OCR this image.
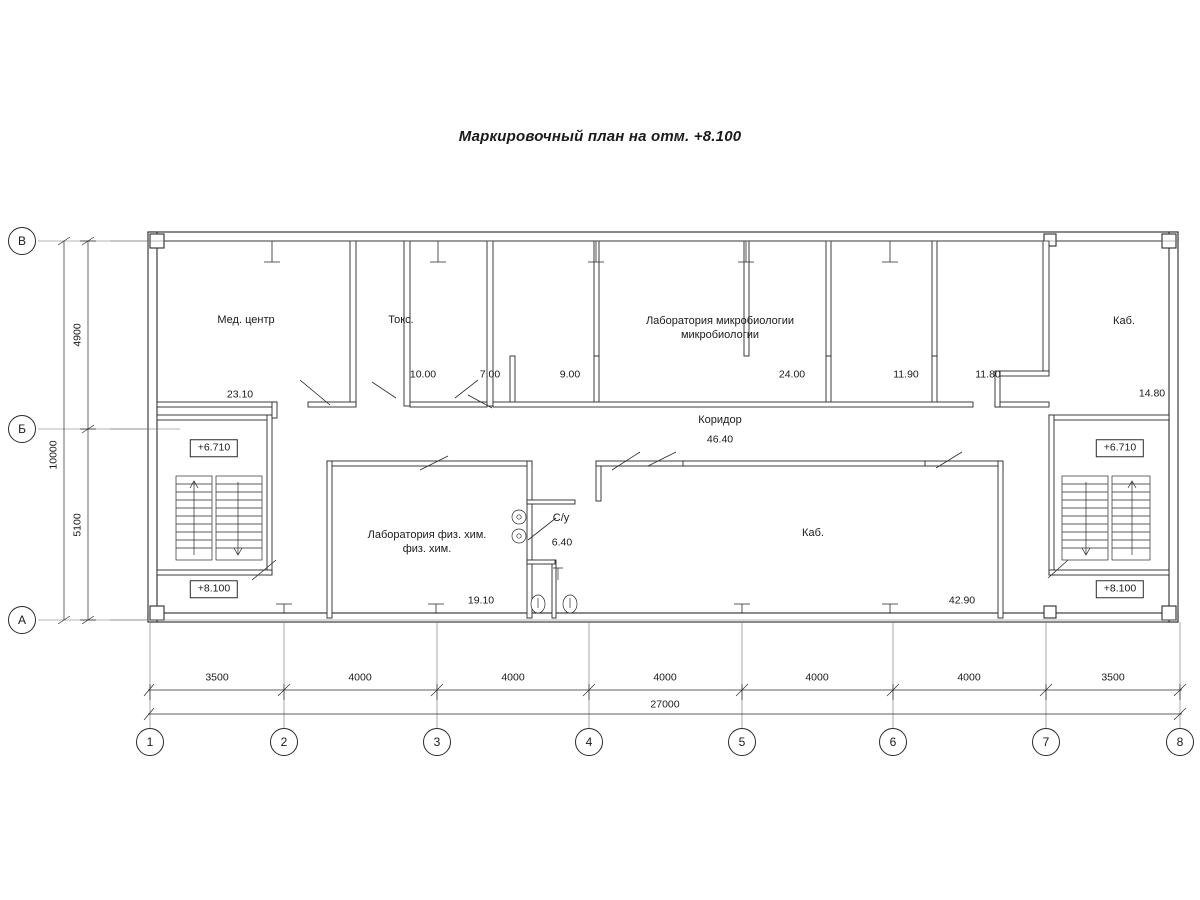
Маркировочный план на отм. +8.100
Мед. центр
23.10
Токс.
10.00	7.00	9.00
Лаборатория микробиологии
24.00	11.90	11.80
Каб.
14.80
Коридор
46.40
Лаборатория физ. хим.
19.10
С/у
6.40
Каб.
42.90
+6.710
+8.100
+6.710
+8.100
В
Б
А
1	2	3	4	5	6	7	8
3500	4000	4000	4000	4000	4000	3500
27000
4900
5100
10000
микробиологии
физ. хим.
